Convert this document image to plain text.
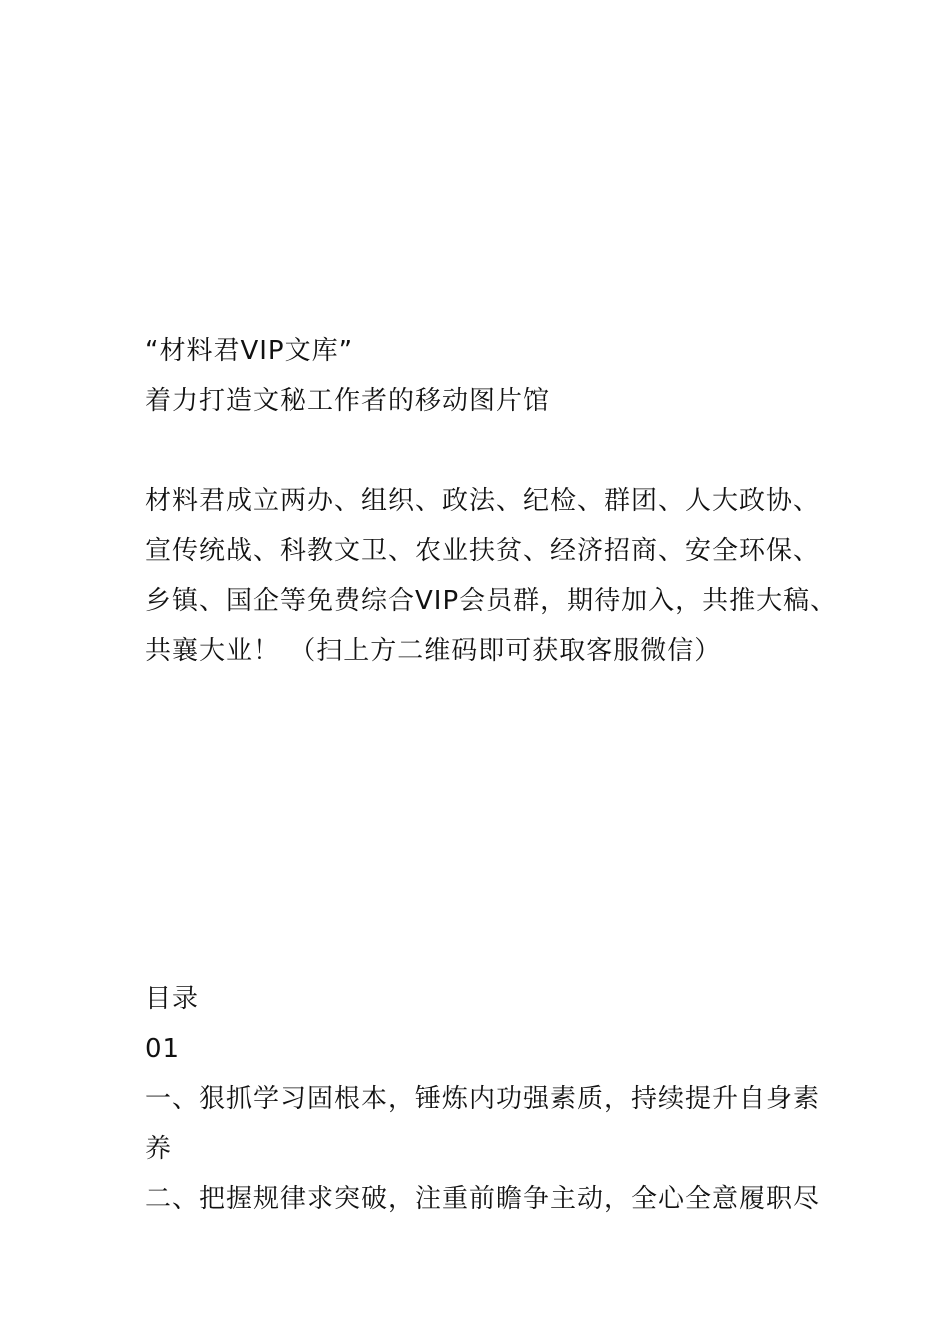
“材料君VIP文库”
着力打造文秘工作者的移动图片馆
材料君成立两办、组织、政法、纪检、群团、人大政协、
宣传统战、科教文卫、农业扶贫、经济招商、安全环保、
乡镇、国企等免费综合VIP会员群，期待加入，共推大稿、
共襄大业！ （扫上方二维码即可获取客服微信）
目录
01
一、狠抓学习固根本，锤炼内功强素质，持续提升自身素
养
二、把握规律求突破，注重前瞻争主动，全心全意履职尽
